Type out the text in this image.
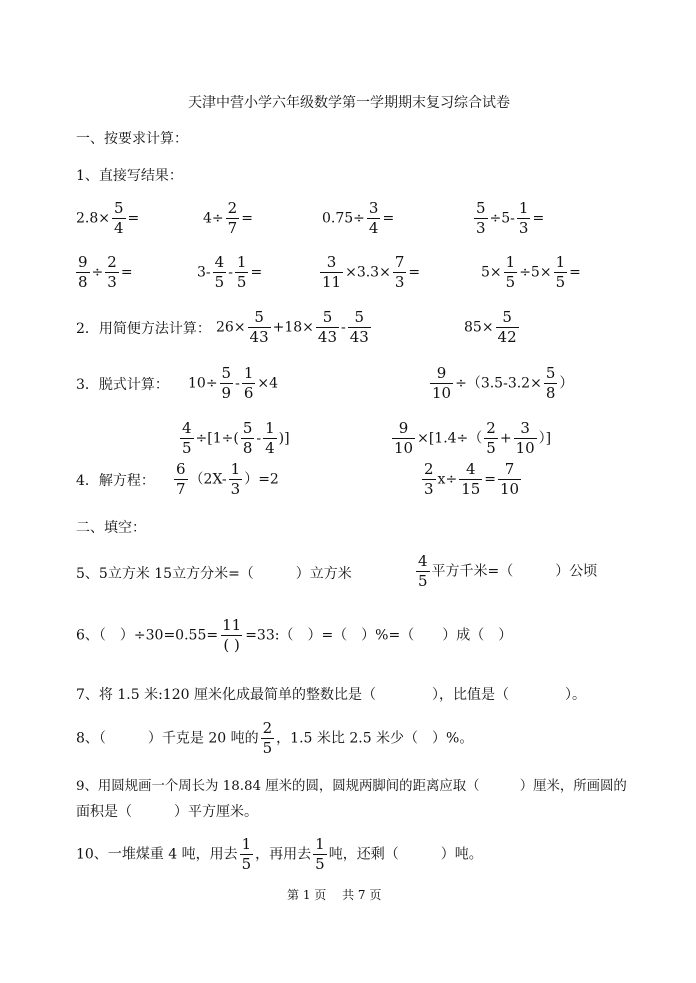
天津中营小学六年级数学第一学期期末复习综合试卷
一、按要求计算：
1、直接写结果：
$2.8\times \frac{5}{4}$ =	$4\div \frac{2}{7}$ =	$0.75\div \frac{3}{4}$ =	$\frac{5}{3} \div 5- \frac{1}{3}$ =
$\frac{9}{8} \div \frac{2}{3}$ =	$3- \frac{4}{5} - \frac{1}{5}$ =	$\frac{3}{11} \times 3.3\times \frac{7}{3}$ =	$5\times \frac{1}{5} \div 5\times \frac{1}{5}$ =
2．用简便方法计算： $26\times \frac{5}{43} +18\times \frac{5}{43} - \frac{5}{43}$	$85\times \frac{5}{42}$
3．脱式计算： $10\div \frac{5}{9} - \frac{1}{6} \times 4$	$\frac{9}{10} \div(3.5-3.2\times \frac{5}{8}$ ）
$\frac{4}{5} \div[1\div( \frac{5}{8} - \frac{1}{4}$ )]	$\frac{9}{10} \times[1.4\div( \frac{2}{5} + \frac{3}{10}$ ）]
4．解方程： $\frac{6}{7} (2X- \frac{1}{3} )=2$	$\frac{2}{3} x\div \frac{4}{15} = \frac{7}{10}$
二、填空：
5、5立方米 15立方分米=（　　　）立方米	$\frac{4}{5}$ 平方千米=（　　　）公顷
6、（　）$\div 30=0.55= \frac{11}{( )}$ =33:（　）=（　）%=（　　）成（　）
7、将 1.5 米:120 厘米化成最简单的整数比是（　　　　），比值是（　　　　）。
8、（　　　）千克是 20 吨的 $\frac{2}{5}$ ，1.5 米比 2.5 米少（　）%。
9、用圆规画一个周长为 18.84 厘米的圆，圆规两脚间的距离应取（　　　）厘米，所画圆的
面积是（　　　）平方厘米。
10、一堆煤重 4 吨，用去 $\frac{1}{5}$ ，再用去 $\frac{1}{5}$ 吨，还剩（　　　）吨。
第 1 页　 共 7 页
